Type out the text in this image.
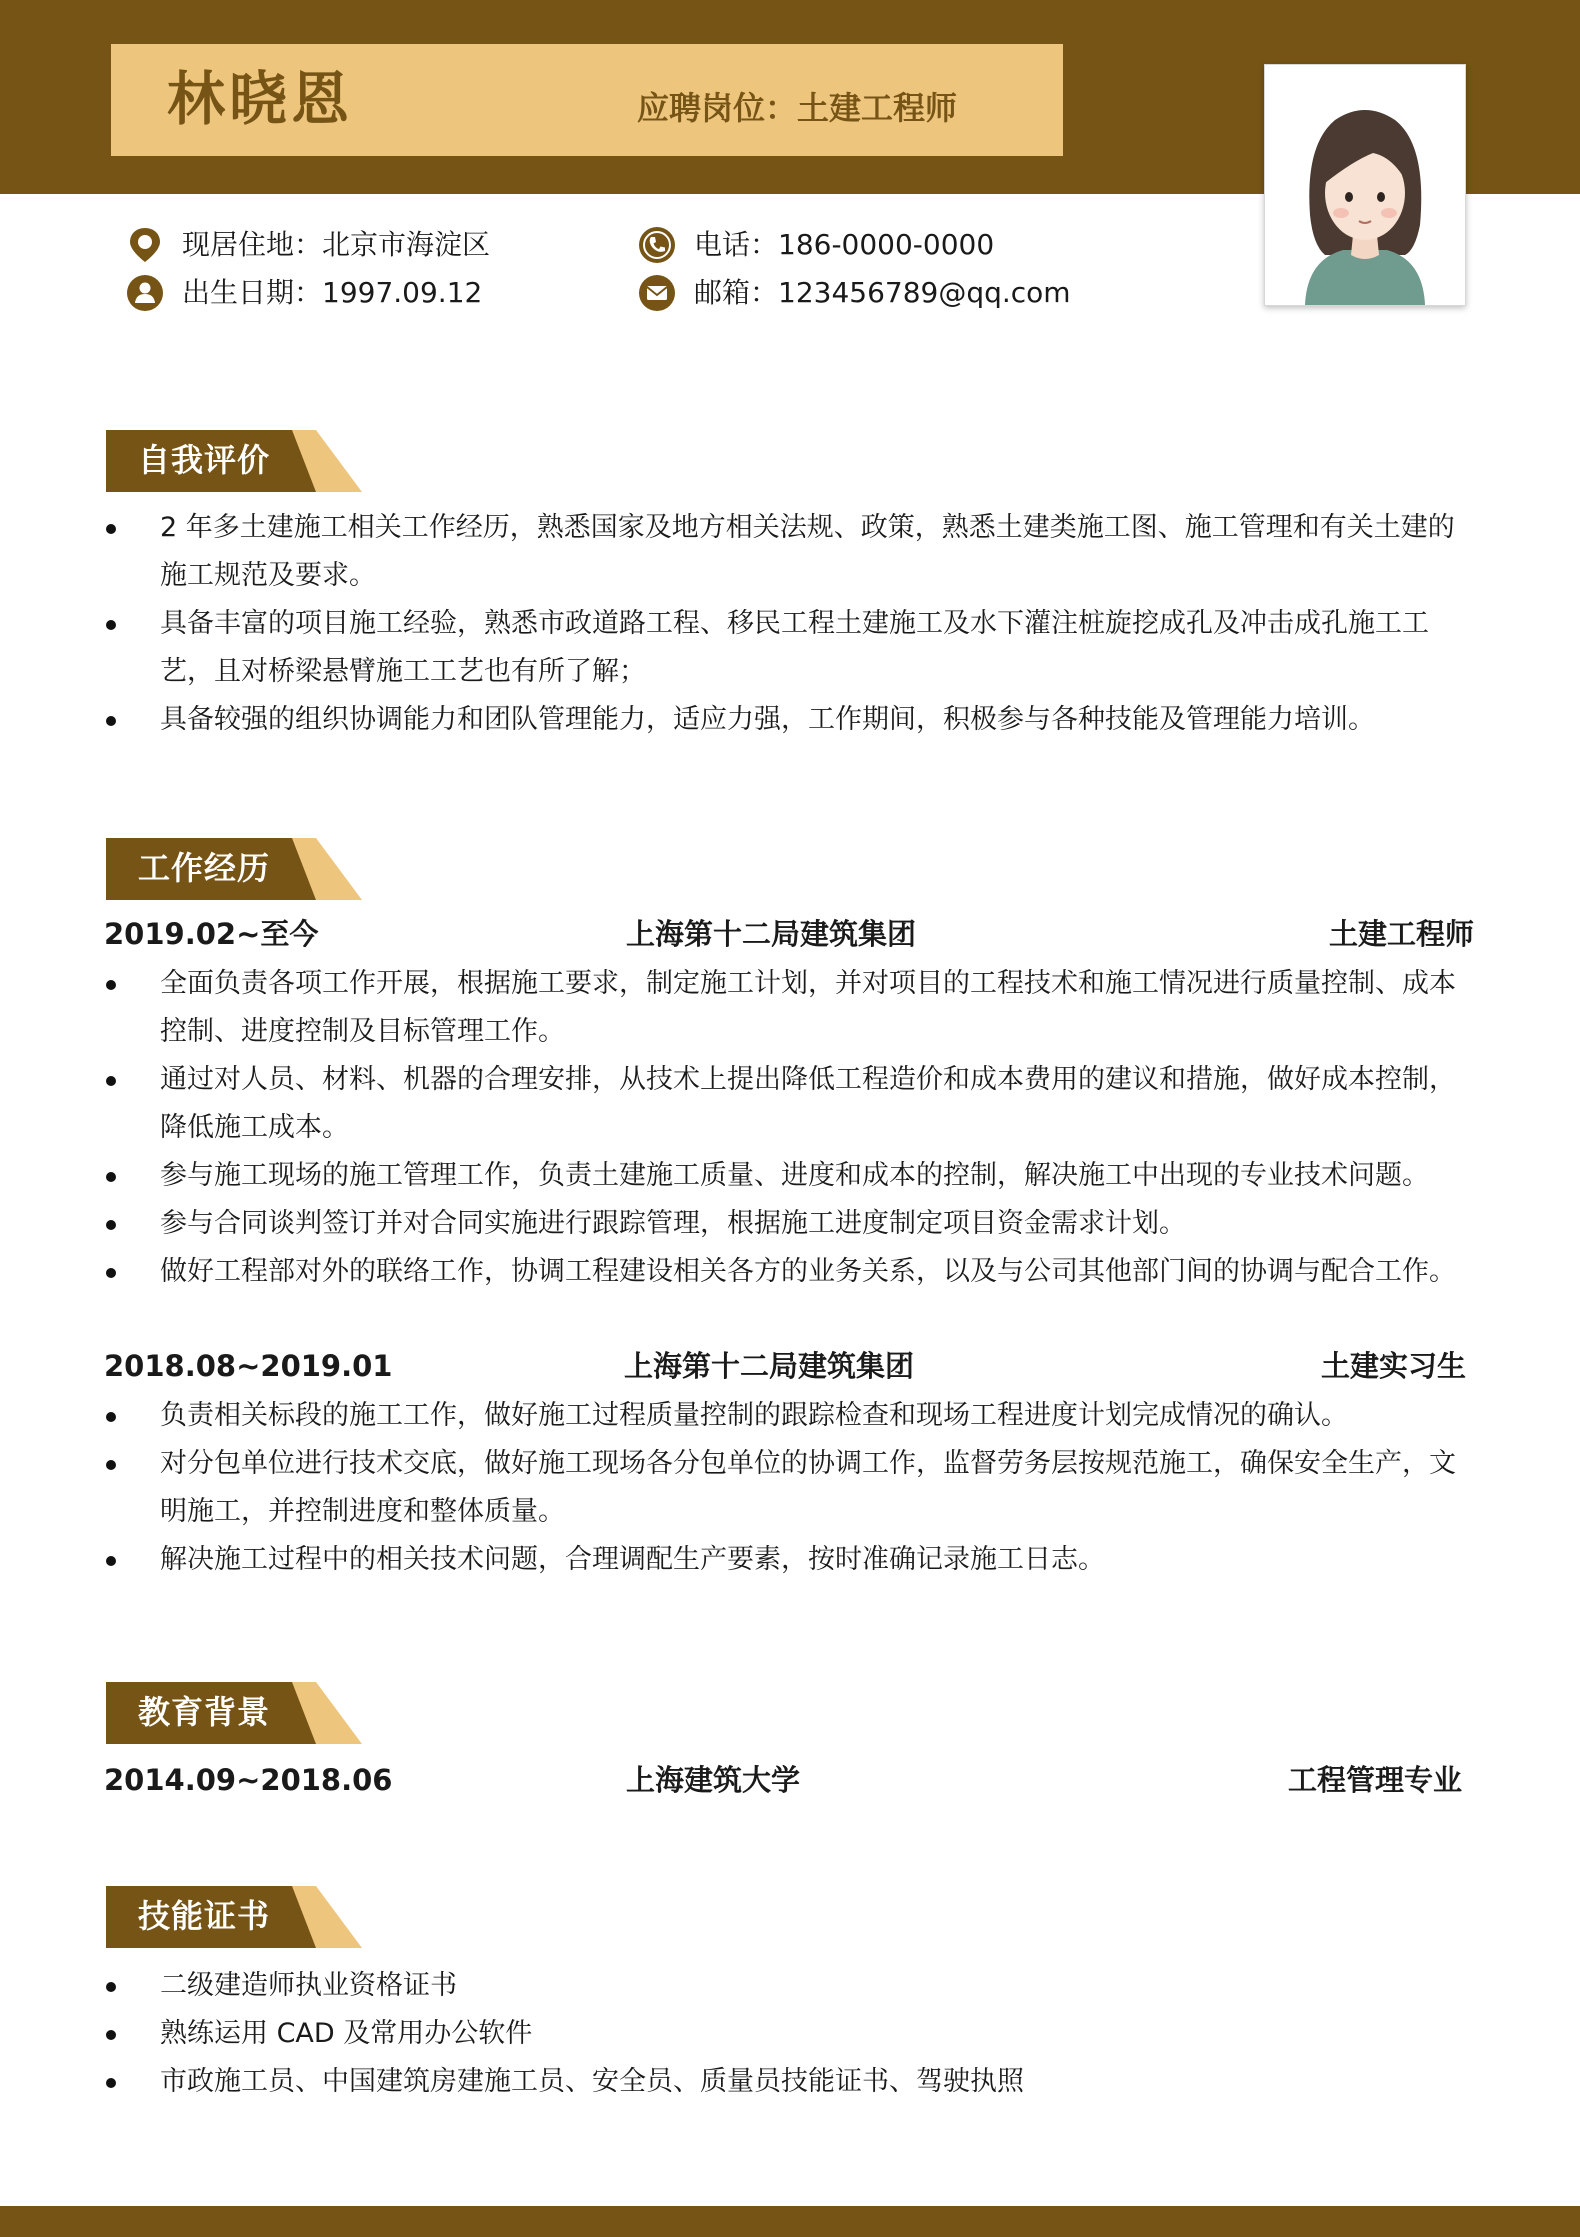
林晓恩	应聘岗位：土建工程师
现居住地：北京市海淀区
出生日期：1997.09.12
电话：186-0000-0000
邮箱：123456789@qq.com
自我评价
2 年多土建施工相关工作经历，熟悉国家及地方相关法规、政策，熟悉土建类施工图、施工管理和有关土建的施工规范及要求。
具备丰富的项目施工经验，熟悉市政道路工程、移民工程土建施工及水下灌注桩旋挖成孔及冲击成孔施工工艺，且对桥梁悬臂施工工艺也有所了解；
具备较强的组织协调能力和团队管理能力，适应力强，工作期间，积极参与各种技能及管理能力培训。
工作经历
2019.02~至今	上海第十二局建筑集团	土建工程师
全面负责各项工作开展，根据施工要求，制定施工计划，并对项目的工程技术和施工情况进行质量控制、成本控制、进度控制及目标管理工作。
通过对人员、材料、机器的合理安排，从技术上提出降低工程造价和成本费用的建议和措施，做好成本控制，降低施工成本。
参与施工现场的施工管理工作，负责土建施工质量、进度和成本的控制，解决施工中出现的专业技术问题。
参与合同谈判签订并对合同实施进行跟踪管理，根据施工进度制定项目资金需求计划。
做好工程部对外的联络工作，协调工程建设相关各方的业务关系，以及与公司其他部门间的协调与配合工作。
2018.08~2019.01	上海第十二局建筑集团	土建实习生
负责相关标段的施工工作，做好施工过程质量控制的跟踪检查和现场工程进度计划完成情况的确认。
对分包单位进行技术交底，做好施工现场各分包单位的协调工作，监督劳务层按规范施工，确保安全生产，文明施工，并控制进度和整体质量。
解决施工过程中的相关技术问题，合理调配生产要素，按时准确记录施工日志。
教育背景
2014.09~2018.06	上海建筑大学	工程管理专业
技能证书
二级建造师执业资格证书
熟练运用 CAD 及常用办公软件
市政施工员、中国建筑房建施工员、安全员、质量员技能证书、驾驶执照
